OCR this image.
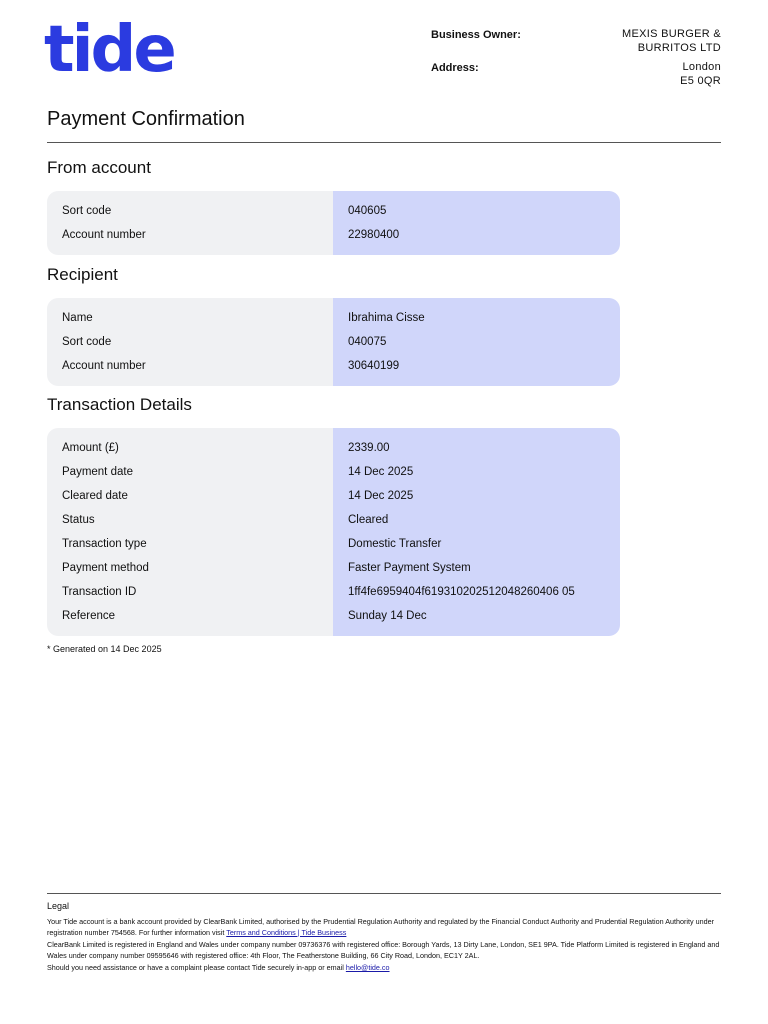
tide	Business Owner:	MEXIS BURGER & BURRITOS LTD
Address:	London
E5 0QR
Payment Confirmation
From account
Sort code	040605
Account number	22980400
Recipient
Name	Ibrahima Cisse
Sort code	040075
Account number	30640199
Transaction Details
Amount (£)	2339.00
Payment date	14 Dec 2025
Cleared date	14 Dec 2025
Status	Cleared
Transaction type	Domestic Transfer
Payment method	Faster Payment System
Transaction ID	1ff4fe6959404f619310202512048260406 05
Reference	Sunday 14 Dec
* Generated on 14 Dec 2025
Legal

Your Tide account is a bank account provided by ClearBank Limited, authorised by the Prudential Regulation Authority and regulated by the Financial Conduct Authority and Prudential Regulation Authority under registration number 754568. For further information visit Terms and Conditions | Tide Business

ClearBank Limited is registered in England and Wales under company number 09736376 with registered office: Borough Yards, 13 Dirty Lane, London, SE1 9PA. Tide Platform Limited is registered in England and Wales under company number 09595646 with registered office: 4th Floor, The Featherstone Building, 66 City Road, London, EC1Y 2AL.

Should you need assistance or have a complaint please contact Tide securely in-app or email hello@tide.co
